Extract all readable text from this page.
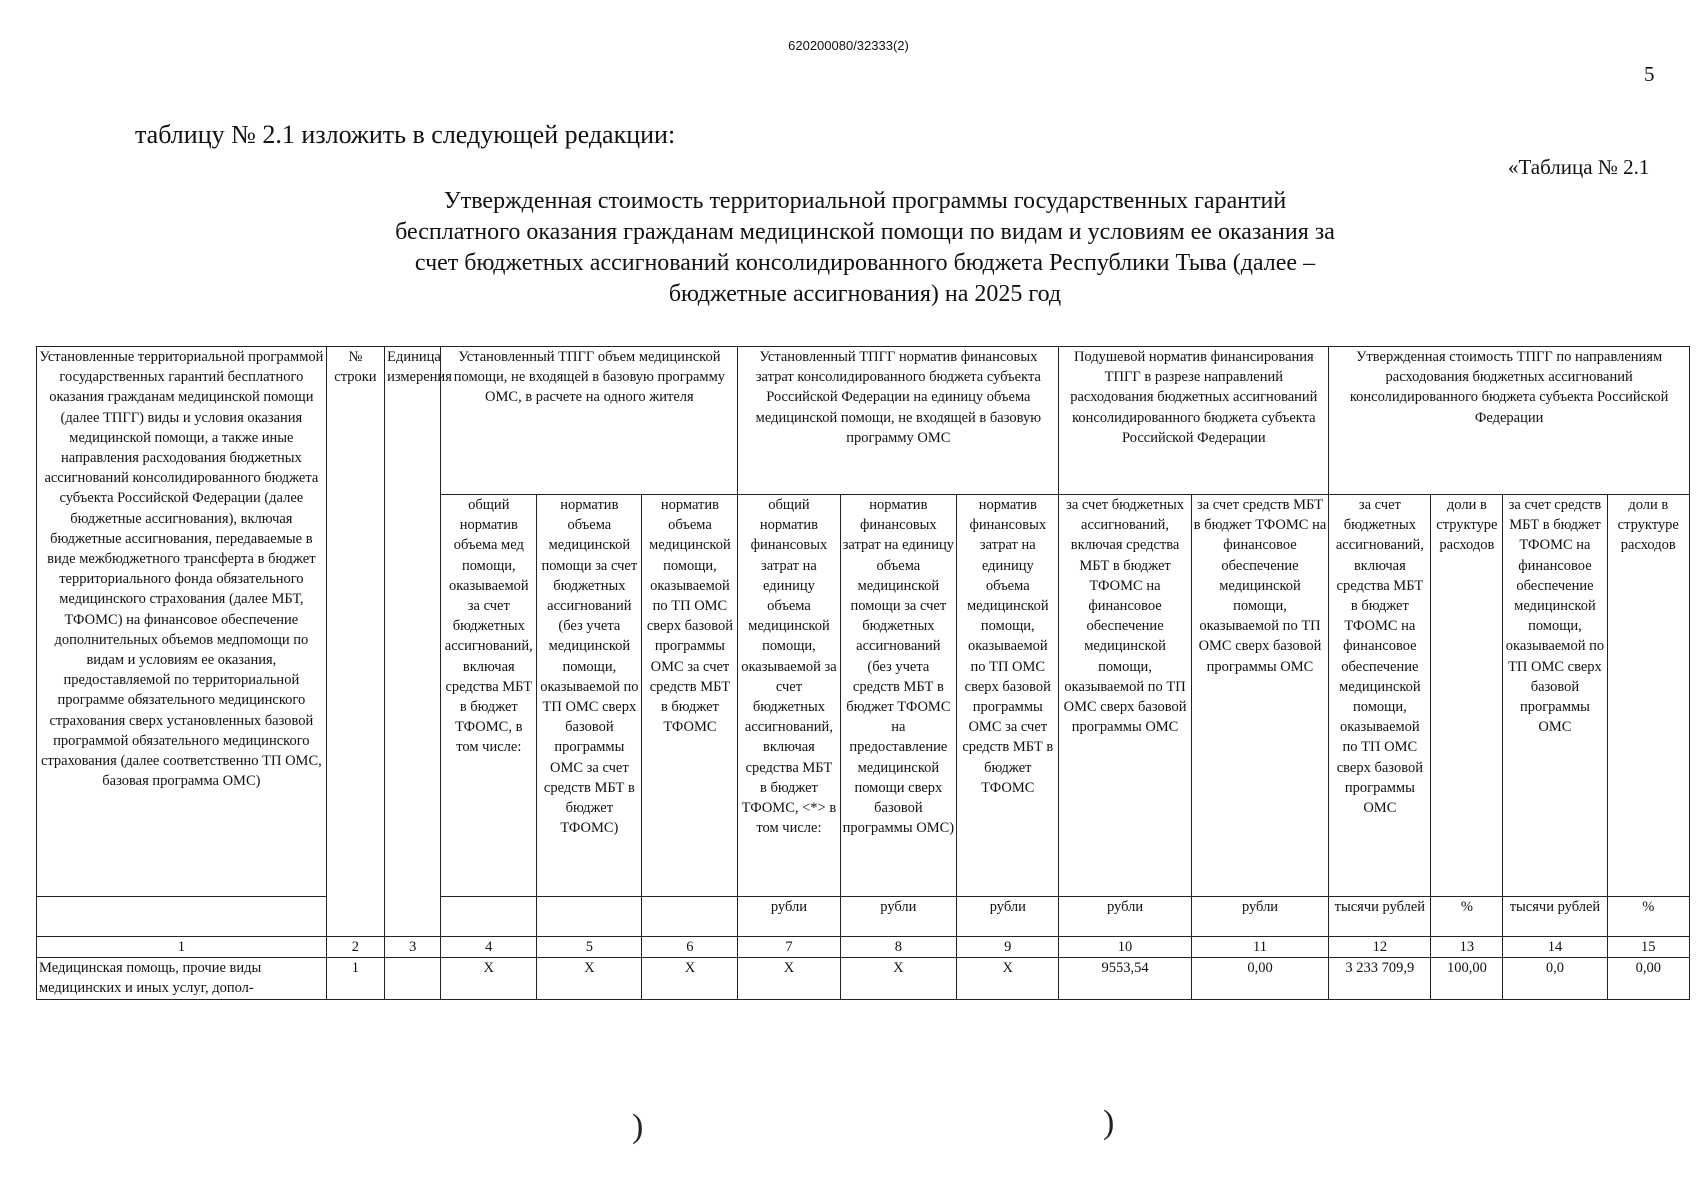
620200080/32333(2)
5
таблицу № 2.1 изложить в следующей редакции:
«Таблица № 2.1
Утвержденная стоимость территориальной программы государственных гарантий бесплатного оказания гражданам медицинской помощи по видам и условиям ее оказания за счет бюджетных ассигнований консолидированного бюджета Республики Тыва (далее – бюджетные ассигнования) на 2025 год
Установленные территориальной программой государственных гарантий бесплатного оказания гражданам медицинской помощи (далее ТПГГ) виды и условия оказания медицинской помощи, а также иные направления расходования бюджетных ассигнований консолидированного бюджета субъекта Российской Федерации (далее бюджетные ассигнования), включая бюджетные ассигнования, передаваемые в виде межбюджетного трансферта в бюджет территориального фонда обязательного медицинского страхования (далее МБТ, ТФОМС) на финансовое обеспечение дополнительных объемов медпомощи по видам и условиям ее оказания, предоставляемой по территориальной программе обязательного медицинского страхования сверх установленных базовой программой обязательного медицинского страхования (далее соответственно ТП ОМС, базовая программа ОМС)	№ строки	Единица измерения	Установленный ТПГГ объем медицинской помощи, не входящей в базовую программу ОМС, в расчете на одного жителя			Установленный ТПГГ норматив финансовых затрат консолидированного бюджета субъекта Российской Федерации на единицу объема медицинской помощи, не входящей в базовую программу ОМС			Подушевой норматив финансирования ТПГГ в разрезе направлений расходования бюджетных ассигнований консолидированного бюджета субъекта Российской Федерации		Утвержденная стоимость ТПГГ по направлениям расходования бюджетных ассигнований консолидированного бюджета субъекта Российской Федерации			
			общий норматив объема мед помощи, оказываемой за счет бюджетных ассигнований, включая средства МБТ в бюджет ТФОМС, в том числе:	норматив объема медицинской помощи за счет бюджетных ассигнований (без учета медицинской помощи, оказываемой по ТП ОМС сверх базовой программы ОМС за счет средств МБТ в бюджет ТФОМС)	норматив объема медицинской помощи, оказываемой по ТП ОМС сверх базовой программы ОМС за счет средств МБТ в бюджет ТФОМС	общий норматив финансовых затрат на единицу объема медицинской помощи, оказываемой за счет бюджетных ассигнований, включая средства МБТ в бюджет ТФОМС, <*> в том числе:	норматив финансовых затрат на единицу объема медицинской помощи за счет бюджетных ассигнований (без учета средств МБТ в бюджет ТФОМС на предоставление медицинской помощи сверх базовой программы ОМС)	норматив финансовых затрат на единицу объема медицинской помощи, оказываемой по ТП ОМС сверх базовой программы ОМС за счет средств МБТ в бюджет ТФОМС	за счет бюджетных ассигнований, включая средства МБТ в бюджет ТФОМС на финансовое обеспечение медицинской помощи, оказываемой по ТП ОМС сверх базовой программы ОМС	за счет средств МБТ в бюджет ТФОМС на финансовое обеспечение медицинской помощи, оказываемой по ТП ОМС сверх базовой программы ОМС	за счет бюджетных ассигнований, включая средства МБТ в бюджет ТФОМС на финансовое обеспечение медицинской помощи, оказываемой по ТП ОМС сверх базовой программы ОМС	доли в структуре расходов	за счет средств МБТ в бюджет ТФОМС на финансовое обеспечение медицинской помощи, оказываемой по ТП ОМС сверх базовой программы ОМС	доли в структуре расходов
						рубли	рубли	рубли	рубли	рубли	тысячи рублей	%	тысячи рублей	%
1	2	3	4	5	6	7	8	9	10	11	12	13	14	15
Медицинская помощь, прочие виды медицинских и иных услуг, допол-	1		Х	Х	Х	Х	Х	Х	9553,54	0,00	3 233 709,9	100,00	0,0	0,00
)	)
